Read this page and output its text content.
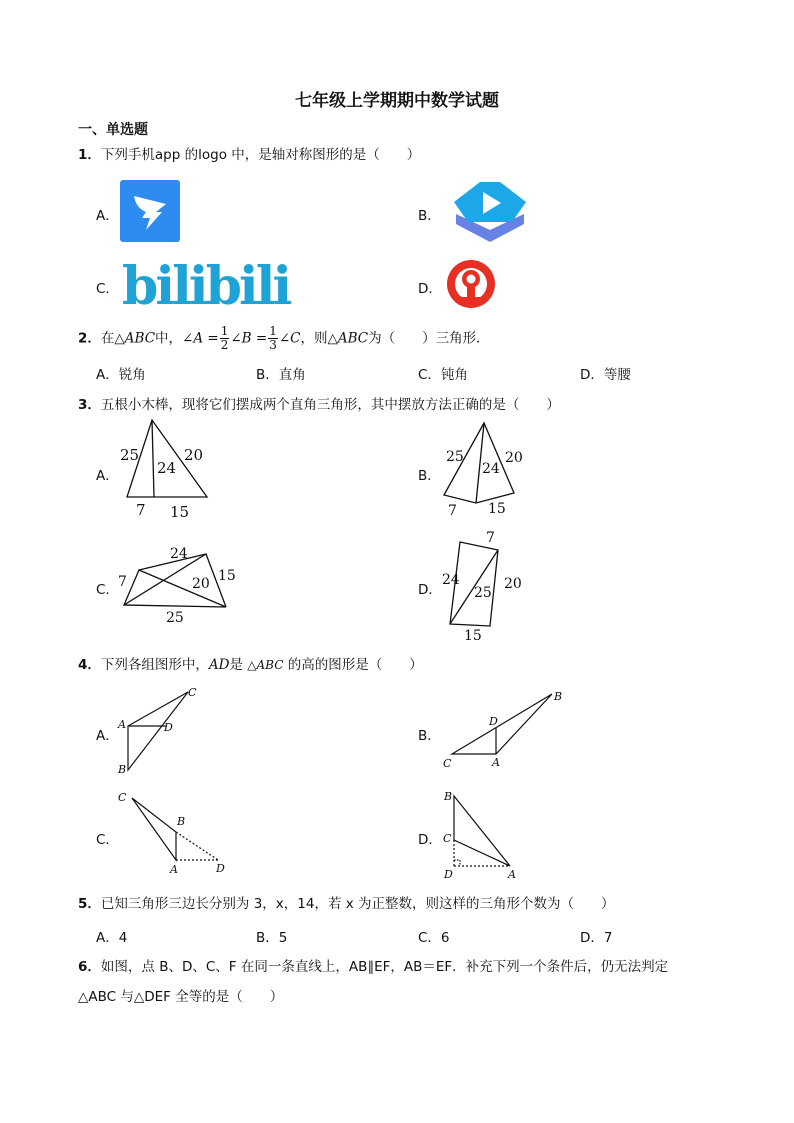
七年级上学期期中数学试题
一、单选题
1．下列手机app 的logo 中，是轴对称图形的是（　　）
A．	B．
C． bilibili	D．
2．在△ABC中，∠A = $\frac{1}{2}$ ∠B = $\frac{1}{3}$ ∠C，则△ABC为（　　）三角形．
A．锐角	B．直角	C．钝角	D．等腰
3．五根小木棒，现将它们摆成两个直角三角形，其中摆放方法正确的是（　　）
A．
25
24
20
7 15
B．
25
24
20
7 15
C．
24
7	20 15
25
D．
7
24
25
20
15
4．下列各组图形中，AD是 △ABC 的高的图形是（　　）
A．
C
A	D
B
B．
B
D
C	A
C．
C
B
A	D
D．
B
C
D	A
5．已知三角形三边长分别为 3，x，14，若 x 为正整数，则这样的三角形个数为（　　）
A．4	B．5	C．6	D．7
6．如图，点 B、D、C、F 在同一条直线上，AB∥EF，AB＝EF．补充下列一个条件后，仍无法判定
△ABC 与△DEF 全等的是（　　）
